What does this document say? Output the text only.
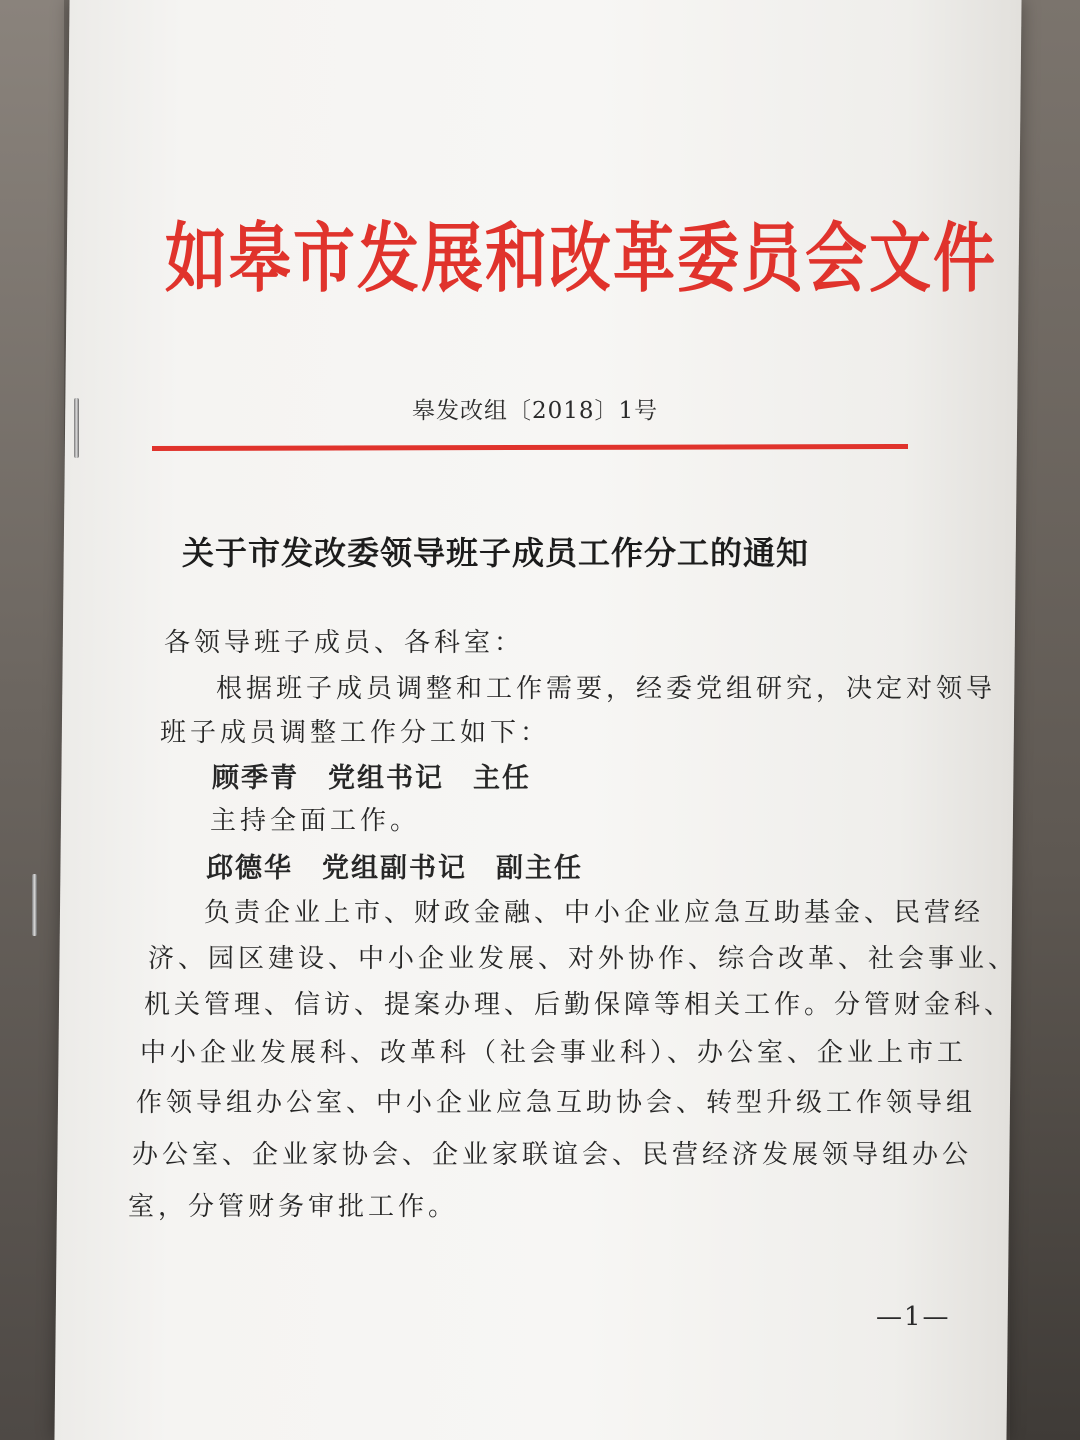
如皋市发展和改革委员会文件
皋发改组〔2018〕1号
关于市发改委领导班子成员工作分工的通知
各领导班子成员、各科室：
根据班子成员调整和工作需要，经委党组研究，决定对领导
班子成员调整工作分工如下：
顾季青　党组书记　主任
主持全面工作。
邱德华　党组副书记　副主任
负责企业上市、财政金融、中小企业应急互助基金、民营经
济、园区建设、中小企业发展、对外协作、综合改革、社会事业、
机关管理、信访、提案办理、后勤保障等相关工作。分管财金科、
中小企业发展科、改革科（社会事业科）、办公室、企业上市工
作领导组办公室、中小企业应急互助协会、转型升级工作领导组
办公室、企业家协会、企业家联谊会、民营经济发展领导组办公
室，分管财务审批工作。
—1—
